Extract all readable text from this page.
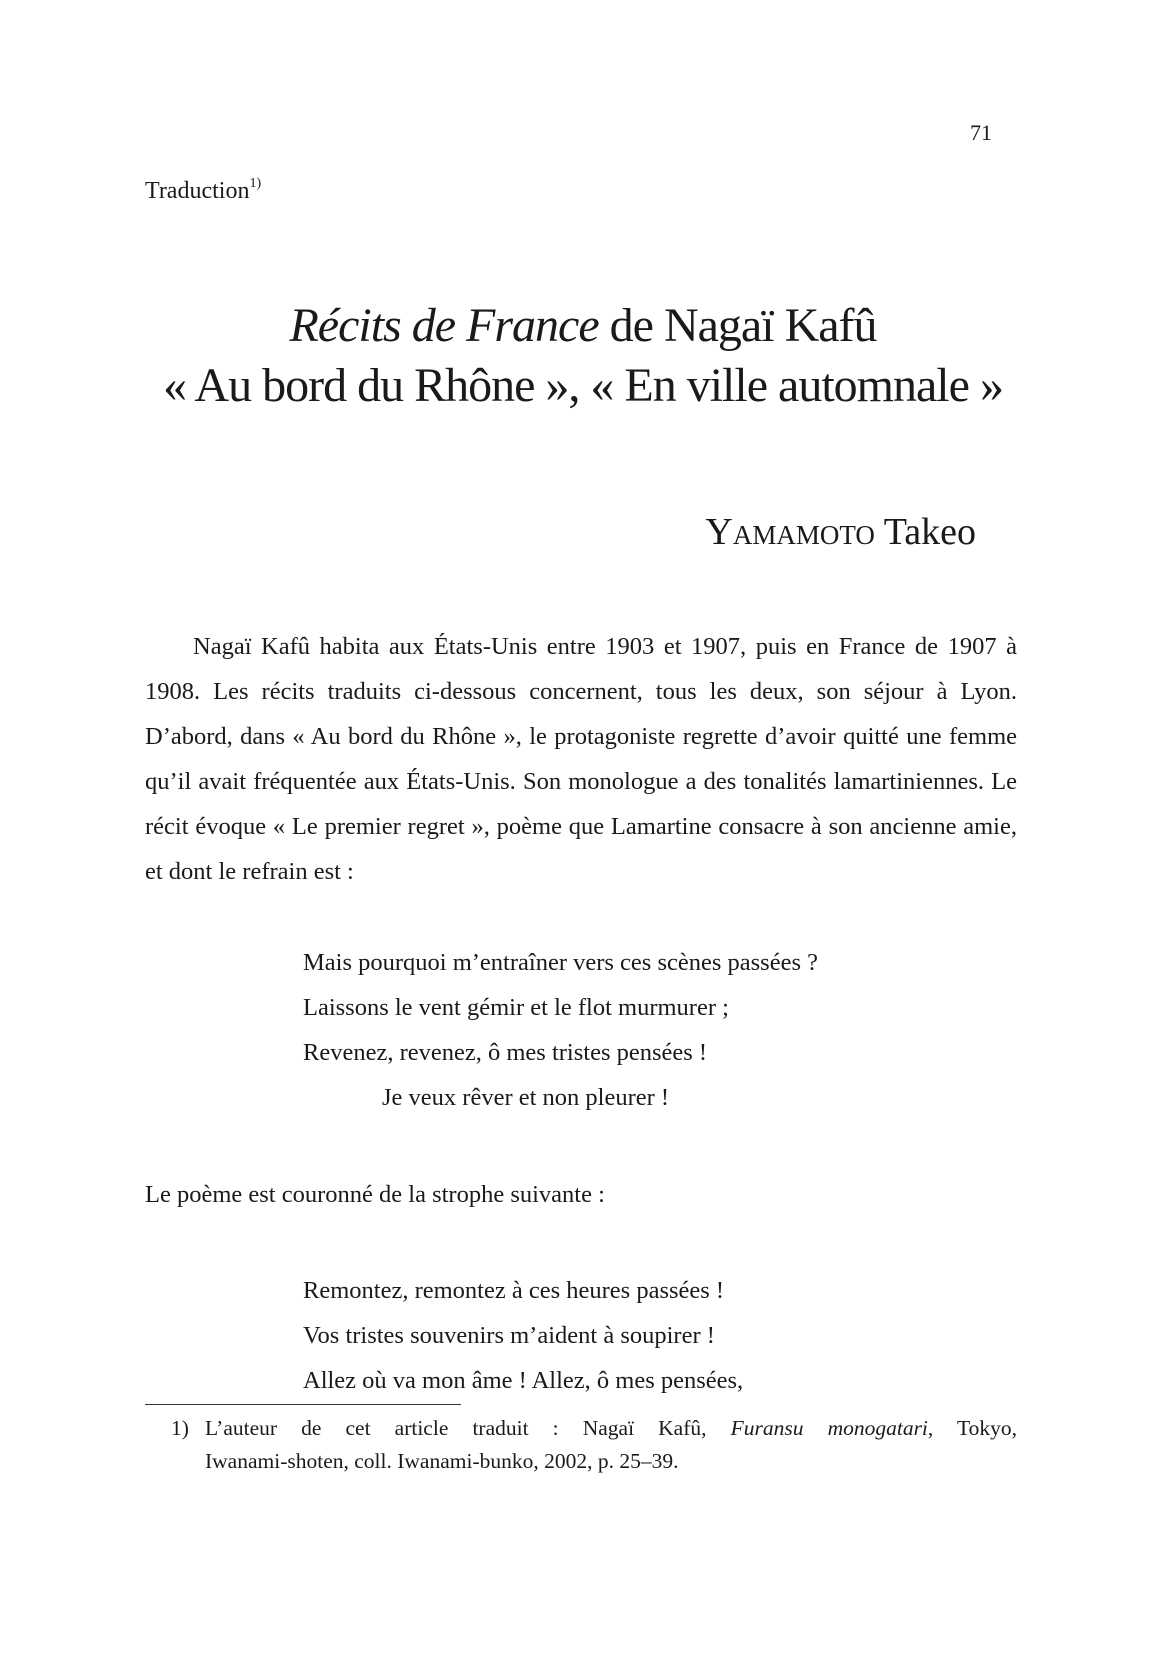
71
Traduction$^{1)}$
Récits de France de Nagaï Kafû
« Au bord du Rhône », « En ville automnale »
Yamamoto Takeo

Nagaï Kafû habita aux États-Unis entre 1903 et 1907, puis en France de 1907 à 1908. Les récits traduits ci-dessous concernent, tous les deux, son séjour à Lyon. D’abord, dans « Au bord du Rhône », le protagoniste regrette d’avoir quitté une femme qu’il avait fréquentée aux États-Unis. Son monologue a des tonalités lamartiniennes. Le récit évoque « Le premier regret », poème que Lamartine consacre à son ancienne amie, et dont le refrain est :

Mais pourquoi m’entraîner vers ces scènes passées ?
Laissons le vent gémir et le flot murmurer ;
Revenez, revenez, ô mes tristes pensées !
Je veux rêver et non pleurer !
Le poème est couronné de la strophe suivante :
Remontez, remontez à ces heures passées !
Vos tristes souvenirs m’aident à soupirer !
Allez où va mon âme ! Allez, ô mes pensées,
1) L’auteur de cet article traduit : Nagaï Kafû, Furansu monogatari, Tokyo,
Iwanami-shoten, coll. Iwanami-bunko, 2002, p. 25–39.
